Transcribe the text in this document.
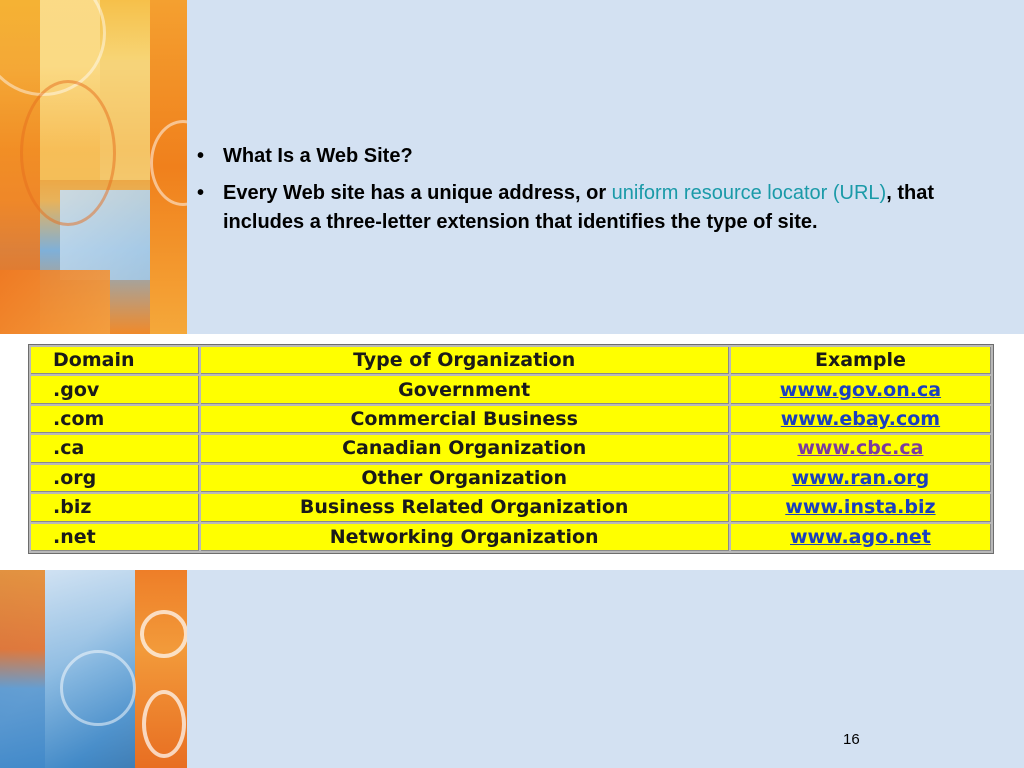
• What Is a Web Site?
• Every Web site has a unique address, or uniform resource locator (URL), that includes a three-letter extension that identifies the type of site.
Domain	Type of Organization	Example
.gov	Government	www.gov.on.ca
.com	Commercial Business	www.ebay.com
.ca	Canadian Organization	www.cbc.ca
.org	Other Organization	www.ran.org
.biz	Business Related Organization	www.insta.biz
.net	Networking Organization	www.ago.net
16
